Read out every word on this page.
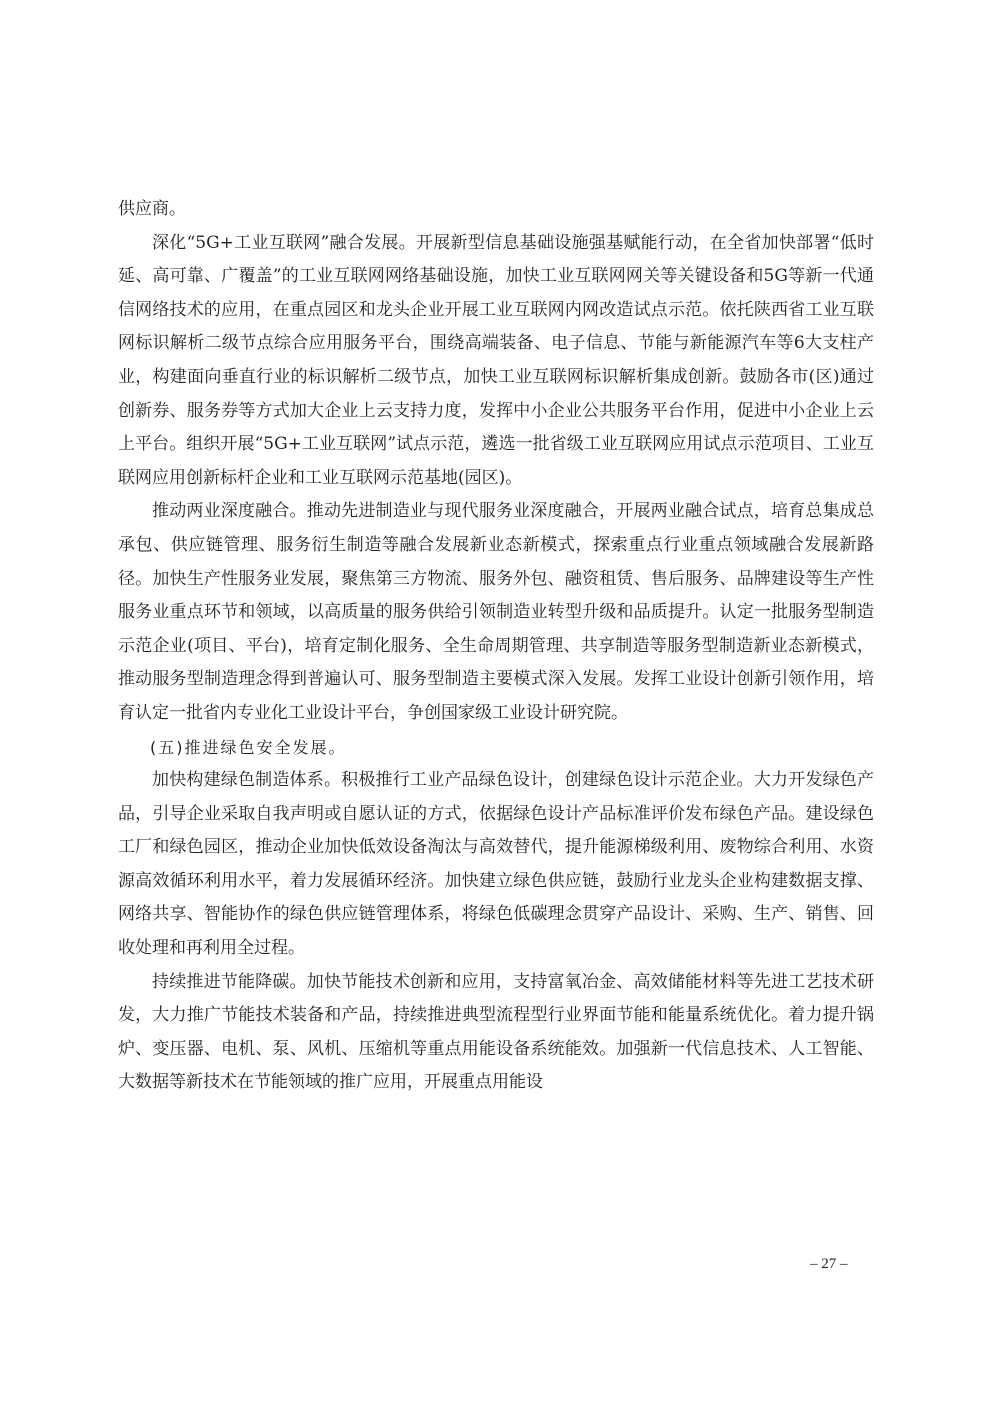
供应商。

深化“5G+工业互联网”融合发展。开展新型信息基础设施强基赋能行动，在全省加快部署“低时延、高可靠、广覆盖”的工业互联网网络基础设施，加快工业互联网网关等关键设备和5G等新一代通信网络技术的应用，在重点园区和龙头企业开展工业互联网内网改造试点示范。依托陕西省工业互联网标识解析二级节点综合应用服务平台，围绕高端装备、电子信息、节能与新能源汽车等6大支柱产业，构建面向垂直行业的标识解析二级节点，加快工业互联网标识解析集成创新。鼓励各市(区)通过创新券、服务券等方式加大企业上云支持力度，发挥中小企业公共服务平台作用，促进中小企业上云上平台。组织开展“5G+工业互联网”试点示范，遴选一批省级工业互联网应用试点示范项目、工业互联网应用创新标杆企业和工业互联网示范基地(园区)。

推动两业深度融合。推动先进制造业与现代服务业深度融合，开展两业融合试点，培育总集成总承包、供应链管理、服务衍生制造等融合发展新业态新模式，探索重点行业重点领域融合发展新路径。加快生产性服务业发展，聚焦第三方物流、服务外包、融资租赁、售后服务、品牌建设等生产性服务业重点环节和领域，以高质量的服务供给引领制造业转型升级和品质提升。认定一批服务型制造示范企业(项目、平台)，培育定制化服务、全生命周期管理、共享制造等服务型制造新业态新模式，推动服务型制造理念得到普遍认可、服务型制造主要模式深入发展。发挥工业设计创新引领作用，培育认定一批省内专业化工业设计平台，争创国家级工业设计研究院。

(五)推进绿色安全发展。

加快构建绿色制造体系。积极推行工业产品绿色设计，创建绿色设计示范企业。大力开发绿色产品，引导企业采取自我声明或自愿认证的方式，依据绿色设计产品标准评价发布绿色产品。建设绿色工厂和绿色园区，推动企业加快低效设备淘汰与高效替代，提升能源梯级利用、废物综合利用、水资源高效循环利用水平，着力发展循环经济。加快建立绿色供应链，鼓励行业龙头企业构建数据支撑、网络共享、智能协作的绿色供应链管理体系，将绿色低碳理念贯穿产品设计、采购、生产、销售、回收处理和再利用全过程。

持续推进节能降碳。加快节能技术创新和应用，支持富氧冶金、高效储能材料等先进工艺技术研发，大力推广节能技术装备和产品，持续推进典型流程型行业界面节能和能量系统优化。着力提升锅炉、变压器、电机、泵、风机、压缩机等重点用能设备系统能效。加强新一代信息技术、人工智能、大数据等新技术在节能领域的推广应用，开展重点用能设

– 27 –
